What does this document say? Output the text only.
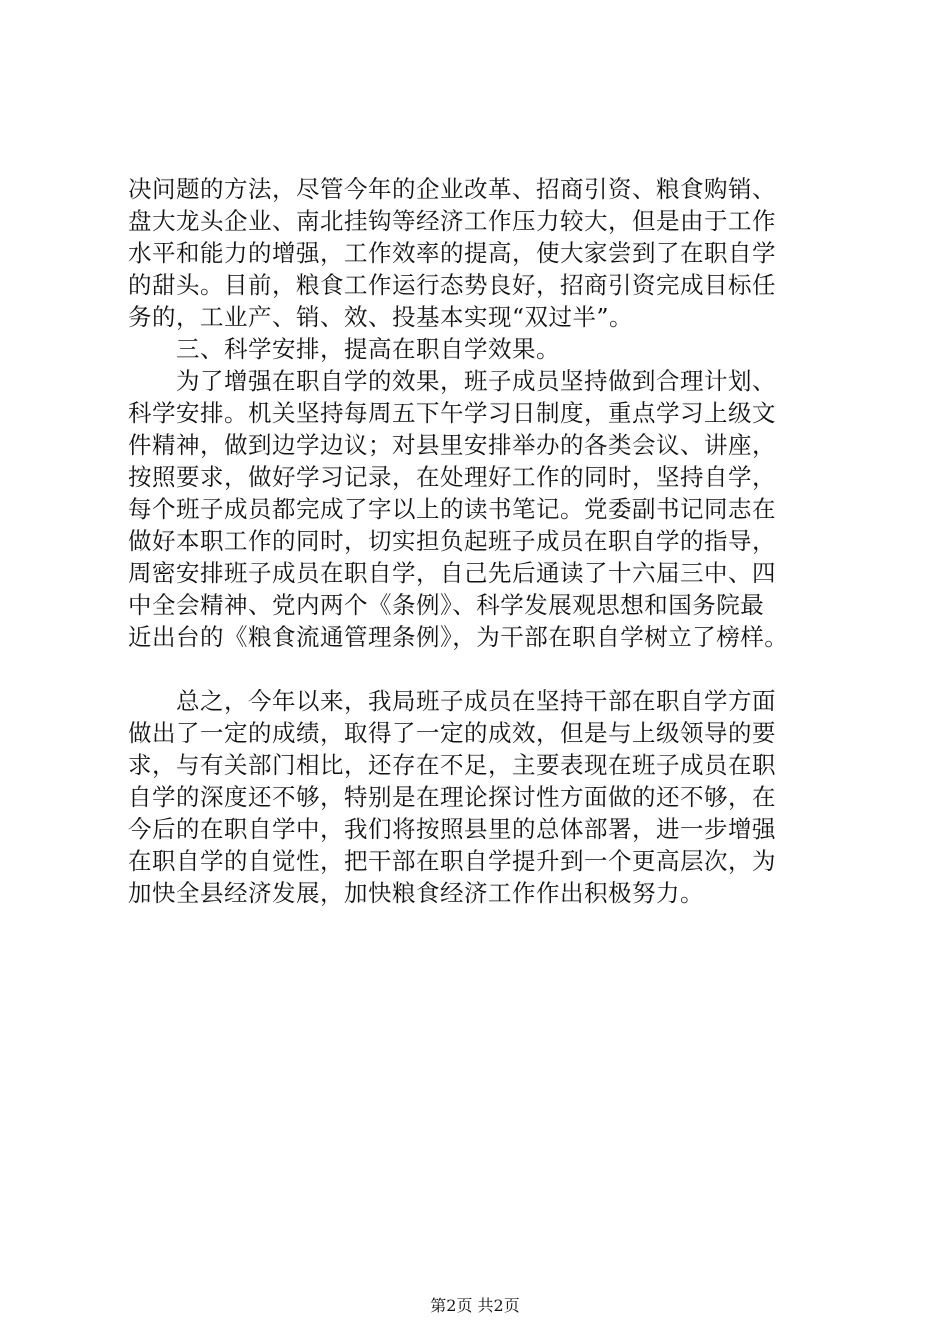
决问题的方法，尽管今年的企业改革、招商引资、粮食购销、
盘大龙头企业、南北挂钩等经济工作压力较大，但是由于工作
水平和能力的增强，工作效率的提高，使大家尝到了在职自学
的甜头。目前，粮食工作运行态势良好，招商引资完成目标任
务的，工业产、销、效、投基本实现“双过半”。
　　三、科学安排，提高在职自学效果。
　　为了增强在职自学的效果，班子成员坚持做到合理计划、
科学安排。机关坚持每周五下午学习日制度，重点学习上级文
件精神，做到边学边议；对县里安排举办的各类会议、讲座，
按照要求，做好学习记录，在处理好工作的同时，坚持自学，
每个班子成员都完成了字以上的读书笔记。党委副书记同志在
做好本职工作的同时，切实担负起班子成员在职自学的指导，
周密安排班子成员在职自学，自己先后通读了十六届三中、四
中全会精神、党内两个《条例》、科学发展观思想和国务院最
近出台的《粮食流通管理条例》，为干部在职自学树立了榜样。
　　总之，今年以来，我局班子成员在坚持干部在职自学方面
做出了一定的成绩，取得了一定的成效，但是与上级领导的要
求，与有关部门相比，还存在不足，主要表现在班子成员在职
自学的深度还不够，特别是在理论探讨性方面做的还不够，在
今后的在职自学中，我们将按照县里的总体部署，进一步增强
在职自学的自觉性，把干部在职自学提升到一个更高层次，为
加快全县经济发展，加快粮食经济工作作出积极努力。
第2页 共2页
